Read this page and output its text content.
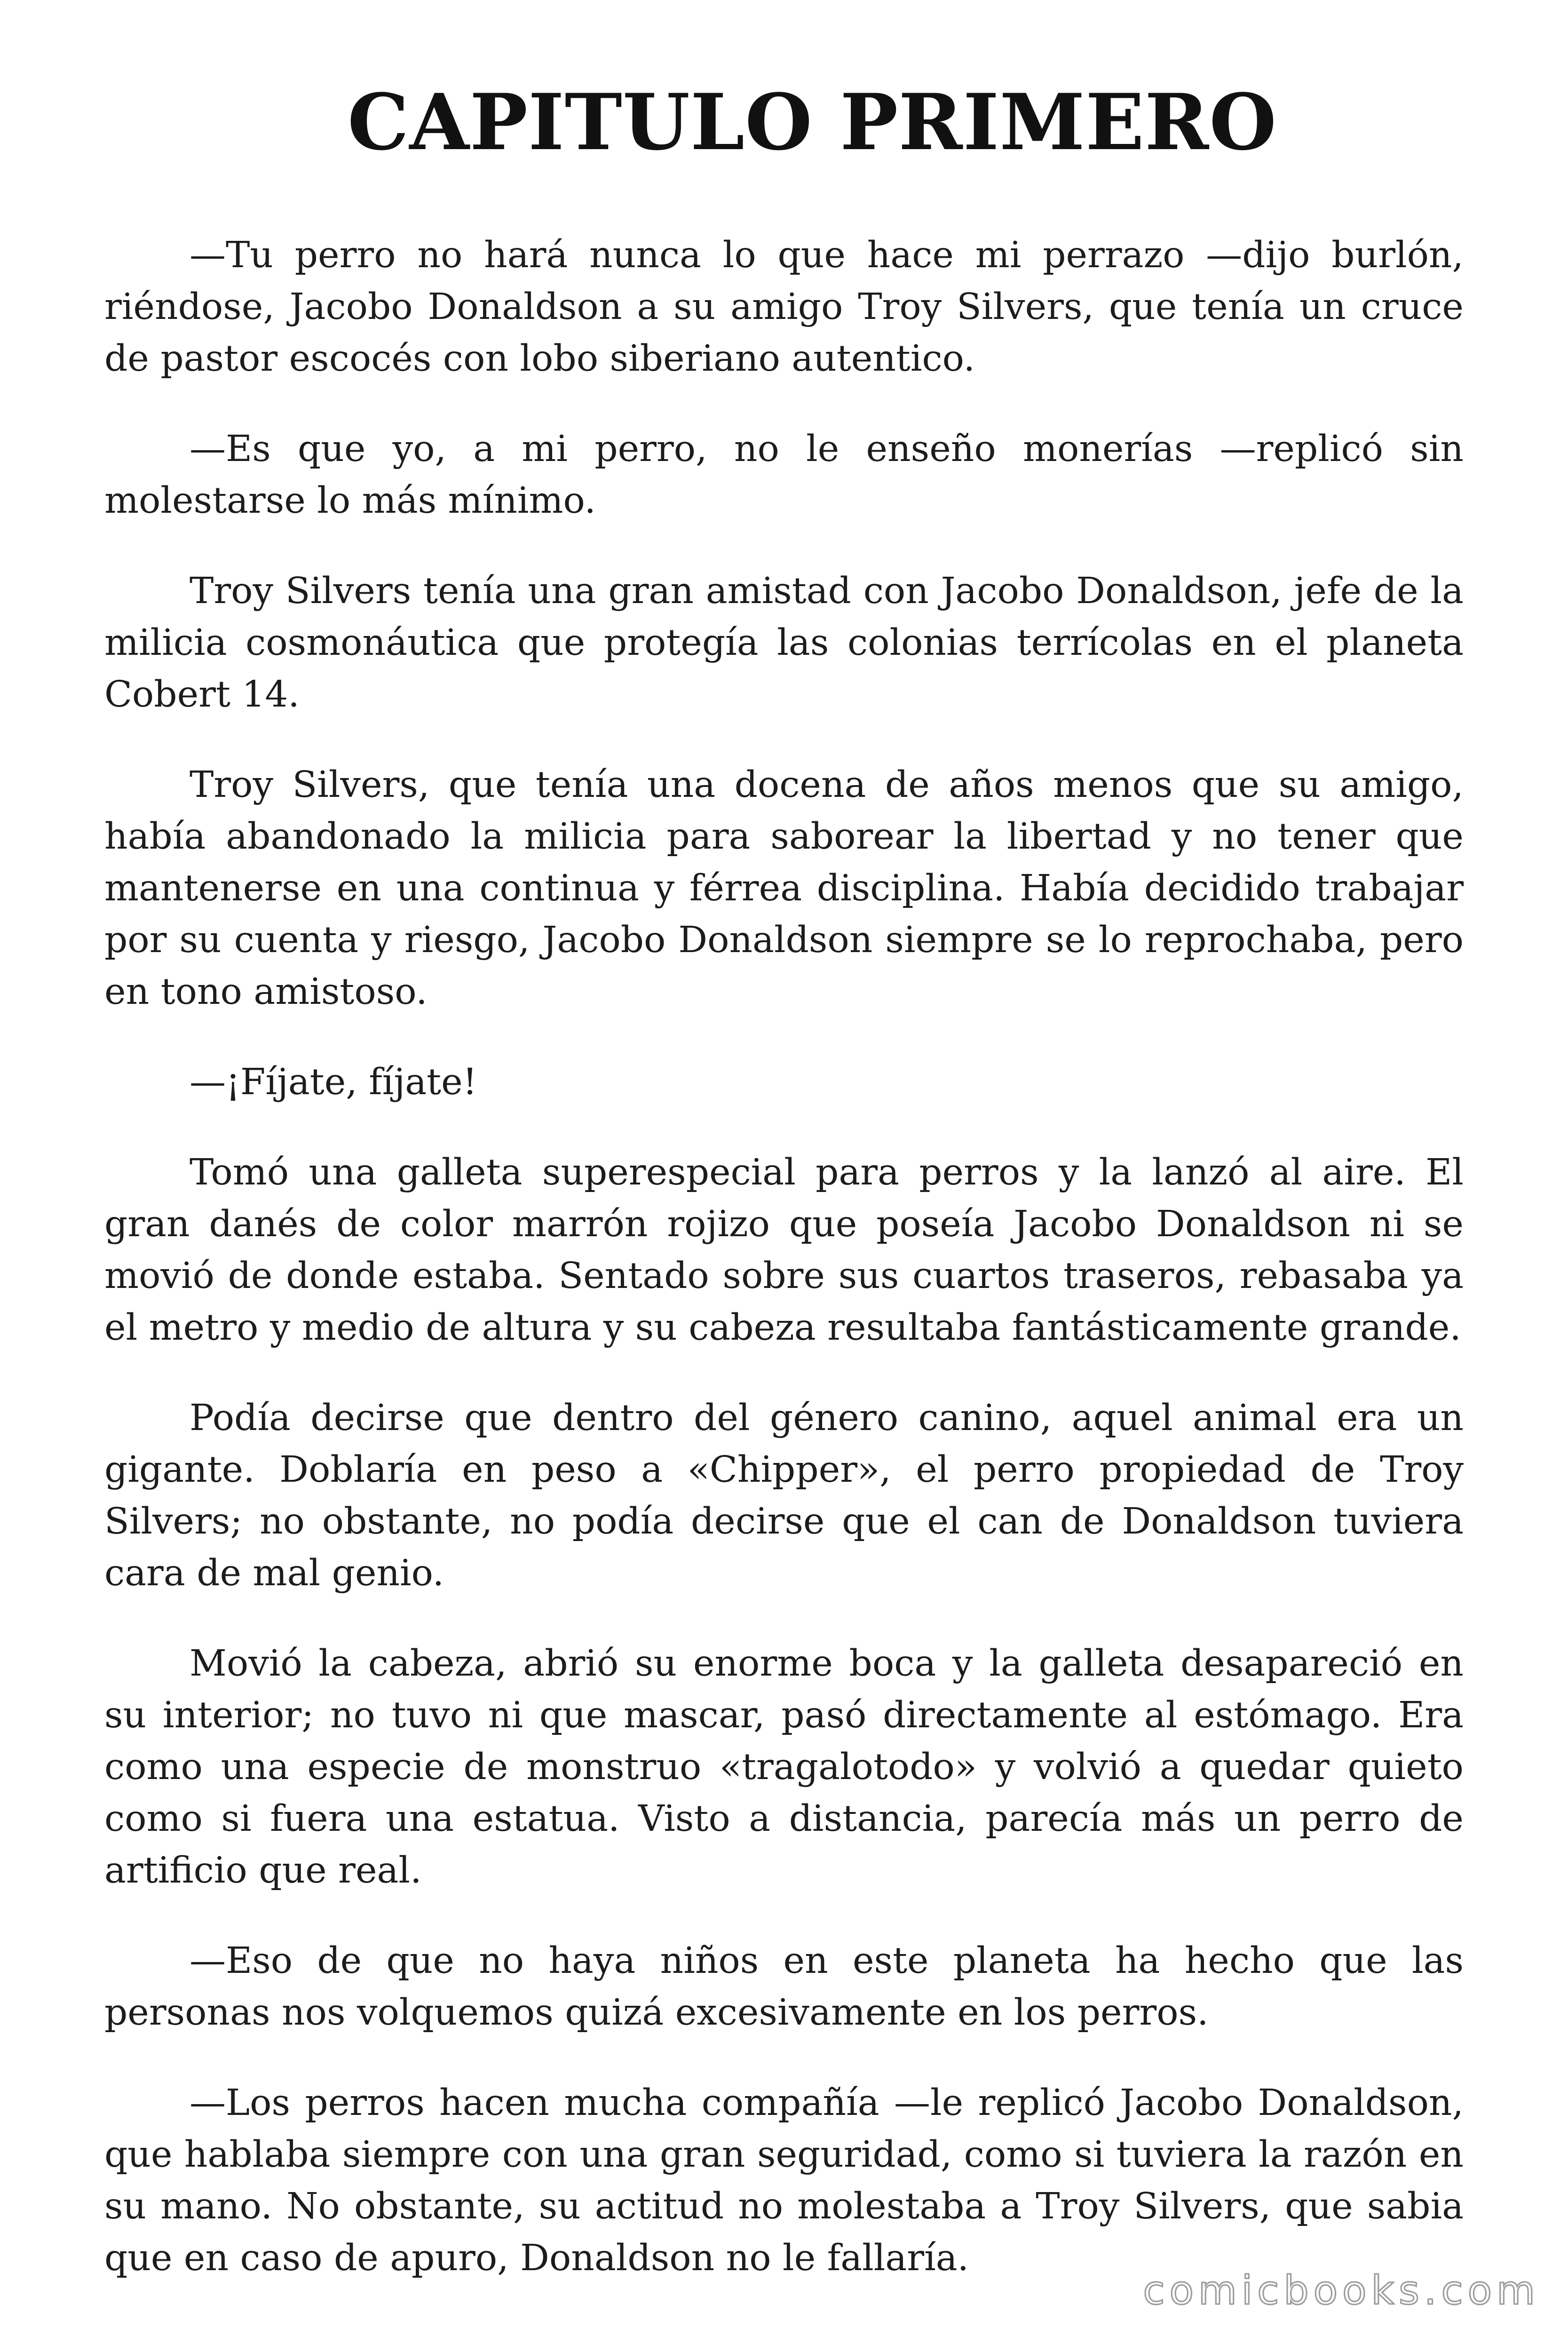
CAPITULO PRIMERO

—Tu perro no hará nunca lo que hace mi perrazo —dijo burlón, riéndose, Jacobo Donaldson a su amigo Troy Silvers, que tenía un cruce de pastor escocés con lobo siberiano autentico.

—Es que yo, a mi perro, no le enseño monerías —replicó sin molestarse lo más mínimo.

Troy Silvers tenía una gran amistad con Jacobo Donaldson, jefe de la milicia cosmonáutica que protegía las colonias terrícolas en el planeta Cobert 14.

Troy Silvers, que tenía una docena de años menos que su amigo, había abandonado la milicia para saborear la libertad y no tener que mantenerse en una continua y férrea disciplina. Había decidido trabajar por su cuenta y riesgo, Jacobo Donaldson siempre se lo reprochaba, pero en tono amistoso.

—¡Fíjate, fíjate!

Tomó una galleta superespecial para perros y la lanzó al aire. El gran danés de color marrón rojizo que poseía Jacobo Donaldson ni se movió de donde estaba. Sentado sobre sus cuartos traseros, rebasaba ya el metro y medio de altura y su cabeza resultaba fantásticamente grande.

Podía decirse que dentro del género canino, aquel animal era un gigante. Doblaría en peso a «Chipper», el perro propiedad de Troy Silvers; no obstante, no podía decirse que el can de Donaldson tuviera cara de mal genio.

Movió la cabeza, abrió su enorme boca y la galleta desapareció en su interior; no tuvo ni que mascar, pasó directamente al estómago. Era como una especie de monstruo «tragalotodo» y volvió a quedar quieto como si fuera una estatua. Visto a distancia, parecía más un perro de artificio que real.

—Eso de que no haya niños en este planeta ha hecho que las personas nos volquemos quizá excesivamente en los perros.

—Los perros hacen mucha compañía —le replicó Jacobo Donaldson, que hablaba siempre con una gran seguridad, como si tuviera la razón en su mano. No obstante, su actitud no molestaba a Troy Silvers, que sabia que en caso de apuro, Donaldson no le fallaría.

comicbooks.com
